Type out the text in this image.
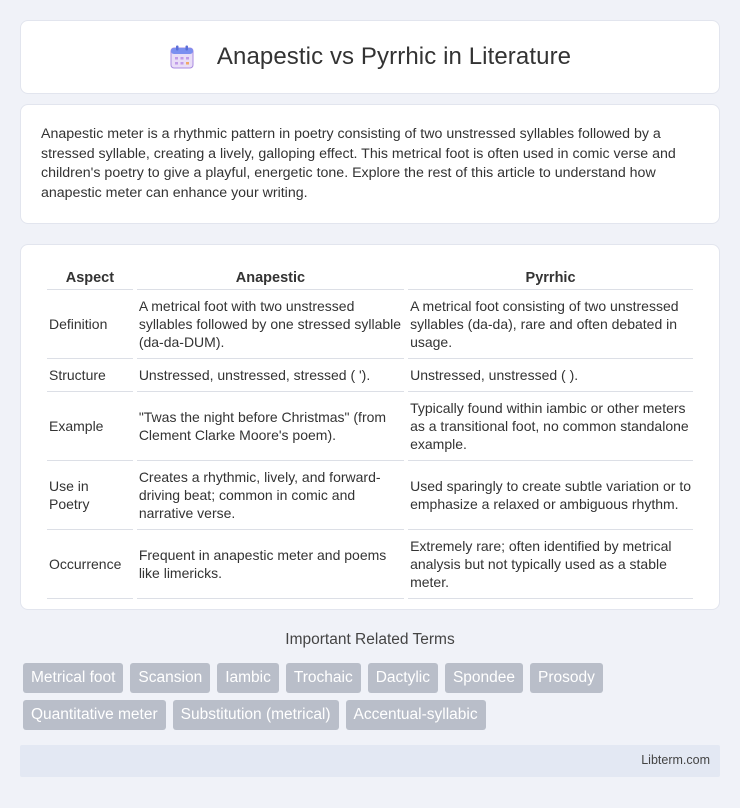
Anapestic vs Pyrrhic in Literature

Anapestic meter is a rhythmic pattern in poetry consisting of two unstressed syllables followed by a stressed syllable, creating a lively, galloping effect. This metrical foot is often used in comic verse and children's poetry to give a playful, energetic tone. Explore the rest of this article to understand how anapestic meter can enhance your writing.

Aspect	Anapestic	Pyrrhic
Definition	A metrical foot with two unstressed syllables followed by one stressed syllable (da-da-DUM).	A metrical foot consisting of two unstressed syllables (da-da), rare and often debated in usage.
Structure	Unstressed, unstressed, stressed ( ').	Unstressed, unstressed ( ).
Example	"Twas the night before Christmas" (from Clement Clarke Moore's poem).	Typically found within iambic or other meters as a transitional foot, no common standalone example.
Use in Poetry	Creates a rhythmic, lively, and forward-driving beat; common in comic and narrative verse.	Used sparingly to create subtle variation or to emphasize a relaxed or ambiguous rhythm.
Occurrence	Frequent in anapestic meter and poems like limericks.	Extremely rare; often identified by metrical analysis but not typically used as a stable meter.
Important Related Terms
Metrical foot	Scansion	Iambic	Trochaic	Dactylic	Spondee	Prosody
Quantitative meter	Substitution (metrical)	Accentual-syllabic
Libterm.com
